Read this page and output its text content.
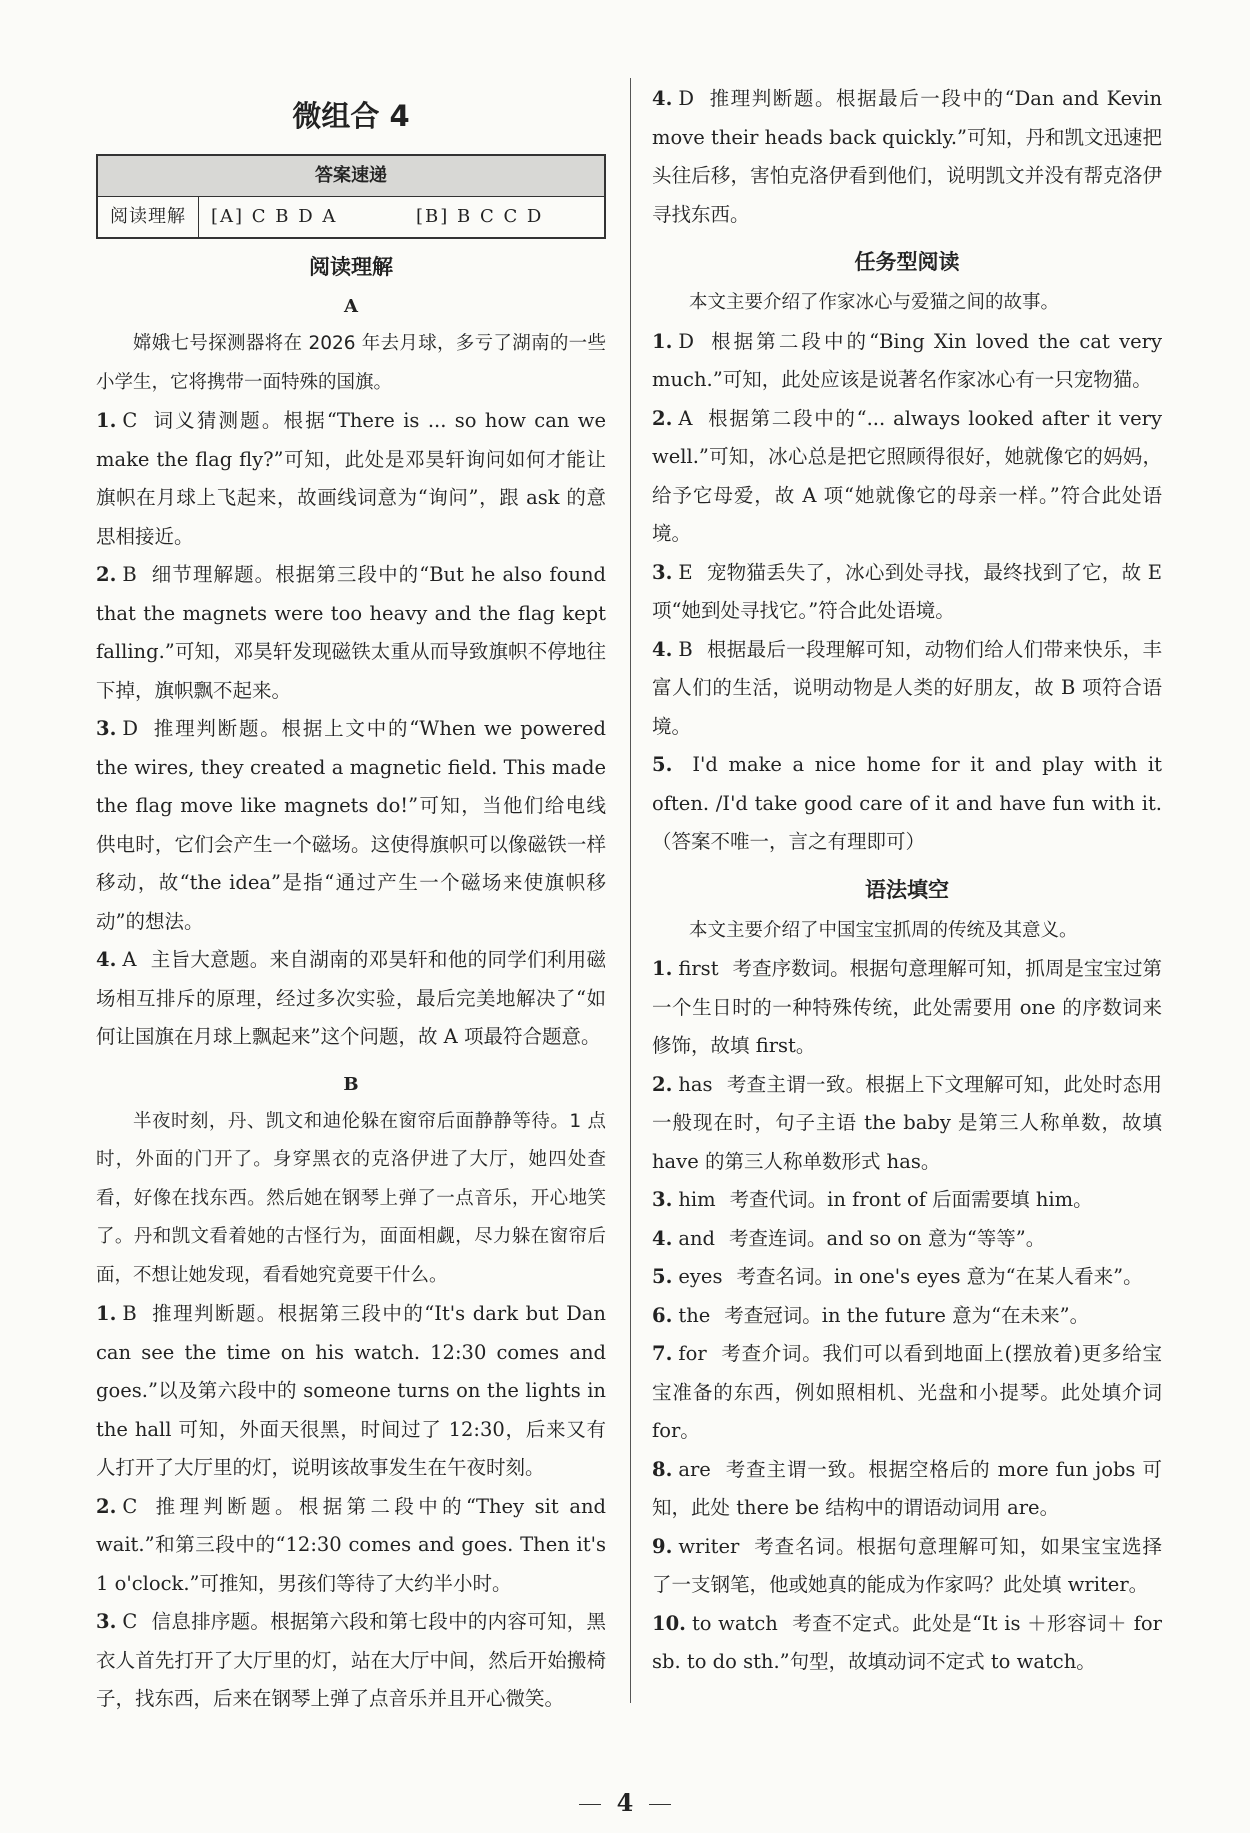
微组合 4
答案速递
阅读理解	[A] C B D A	[B] B C C D
阅读理解
A

嫦娥七号探测器将在 2026 年去月球，多亏了湖南的一些小学生，它将携带一面特殊的国旗。

1. C 词义猜测题。根据“There is ... so how can we make the flag fly?”可知，此处是邓昊轩询问如何才能让旗帜在月球上飞起来，故画线词意为“询问”，跟 ask 的意思相接近。

2. B 细节理解题。根据第三段中的“But he also found that the magnets were too heavy and the flag kept falling.”可知，邓昊轩发现磁铁太重从而导致旗帜不停地往下掉，旗帜飘不起来。

3. D 推理判断题。根据上文中的“When we powered the wires, they created a magnetic field. This made the flag move like magnets do!”可知，当他们给电线供电时，它们会产生一个磁场。这使得旗帜可以像磁铁一样移动，故“the idea”是指“通过产生一个磁场来使旗帜移动”的想法。

4. A 主旨大意题。来自湖南的邓昊轩和他的同学们利用磁场相互排斥的原理，经过多次实验，最后完美地解决了“如何让国旗在月球上飘起来”这个问题，故 A 项最符合题意。

B

半夜时刻，丹、凯文和迪伦躲在窗帘后面静静等待。1 点时，外面的门开了。身穿黑衣的克洛伊进了大厅，她四处查看，好像在找东西。然后她在钢琴上弹了一点音乐，开心地笑了。丹和凯文看着她的古怪行为，面面相觑，尽力躲在窗帘后面，不想让她发现，看看她究竟要干什么。

1. B 推理判断题。根据第三段中的“It's dark but Dan can see the time on his watch. 12:30 comes and goes.”以及第六段中的 someone turns on the lights in the hall 可知，外面天很黑，时间过了 12:30，后来又有人打开了大厅里的灯，说明该故事发生在午夜时刻。

2. C 推理判断题。根据第二段中的“They sit and wait.”和第三段中的“12:30 comes and goes. Then it's 1 o'clock.”可推知，男孩们等待了大约半小时。

3. C 信息排序题。根据第六段和第七段中的内容可知，黑衣人首先打开了大厅里的灯，站在大厅中间，然后开始搬椅子，找东西，后来在钢琴上弹了点音乐并且开心微笑。

4. D 推理判断题。根据最后一段中的“Dan and Kevin move their heads back quickly.”可知，丹和凯文迅速把头往后移，害怕克洛伊看到他们，说明凯文并没有帮克洛伊寻找东西。

任务型阅读

本文主要介绍了作家冰心与爱猫之间的故事。

1. D 根据第二段中的“Bing Xin loved the cat very much.”可知，此处应该是说著名作家冰心有一只宠物猫。

2. A 根据第二段中的“... always looked after it very well.”可知，冰心总是把它照顾得很好，她就像它的妈妈，给予它母爱，故 A 项“她就像它的母亲一样。”符合此处语境。

3. E 宠物猫丢失了，冰心到处寻找，最终找到了它，故 E 项“她到处寻找它。”符合此处语境。

4. B 根据最后一段理解可知，动物们给人们带来快乐，丰富人们的生活，说明动物是人类的好朋友，故 B 项符合语境。

5. I'd make a nice home for it and play with it often. /I'd take good care of it and have fun with it.（答案不唯一，言之有理即可）

语法填空

本文主要介绍了中国宝宝抓周的传统及其意义。

1. first 考查序数词。根据句意理解可知，抓周是宝宝过第一个生日时的一种特殊传统，此处需要用 one 的序数词来修饰，故填 first。

2. has 考查主谓一致。根据上下文理解可知，此处时态用一般现在时，句子主语 the baby 是第三人称单数，故填 have 的第三人称单数形式 has。

3. him 考查代词。in front of 后面需要填 him。

4. and 考查连词。and so on 意为“等等”。

5. eyes 考查名词。in one's eyes 意为“在某人看来”。

6. the 考查冠词。in the future 意为“在未来”。

7. for 考查介词。我们可以看到地面上(摆放着)更多给宝宝准备的东西，例如照相机、光盘和小提琴。此处填介词 for。

8. are 考查主谓一致。根据空格后的 more fun jobs 可知，此处 there be 结构中的谓语动词用 are。

9. writer 考查名词。根据句意理解可知，如果宝宝选择了一支钢笔，他或她真的能成为作家吗？此处填 writer。

10. to watch 考查不定式。此处是“It is ＋形容词＋ for sb. to do sth.”句型，故填动词不定式 to watch。

4
